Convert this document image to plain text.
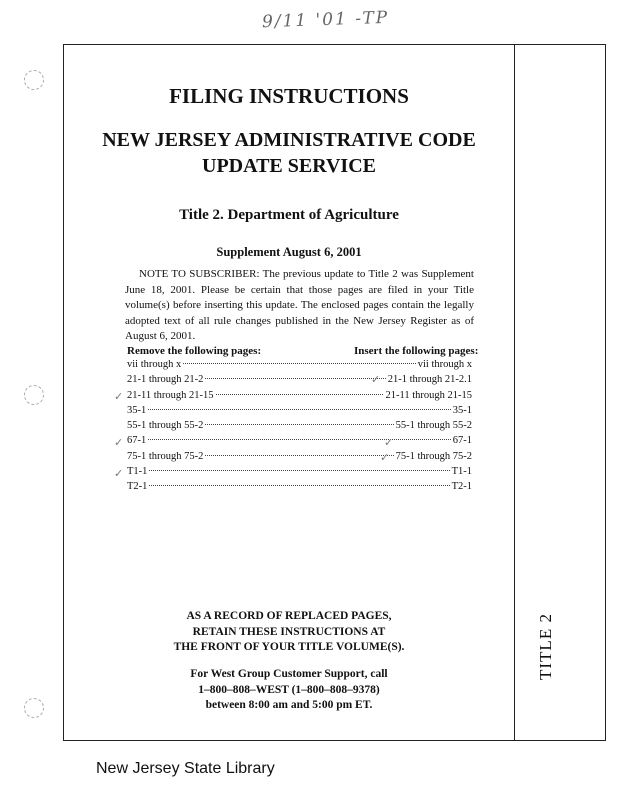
9/11 '01 -TP
TITLE 2
FILING INSTRUCTIONS
NEW JERSEY ADMINISTRATIVE CODE
UPDATE SERVICE
Title 2. Department of Agriculture
Supplement August 6, 2001
NOTE TO SUBSCRIBER: The previous update to Title 2 was Supplement June 18, 2001. Please be certain that those pages are filed in your Title volume(s) before inserting this update. The enclosed pages contain the legally adopted text of all rule changes published in the New Jersey Register as of August 6, 2001.
Remove the following pages:	Insert the following pages:
vii through x	vii through x
21-1 through 21-2	21-1 through 21-2.1
21-11 through 21-15	21-11 through 21-15
35-1	35-1
55-1 through 55-2	55-1 through 55-2
67-1	67-1
75-1 through 75-2	75-1 through 75-2
T1-1	T1-1
T2-1	T2-1
✓
✓
✓
✓
✓
✓
AS A RECORD OF REPLACED PAGES,
RETAIN THESE INSTRUCTIONS AT
THE FRONT OF YOUR TITLE VOLUME(S).
For West Group Customer Support, call
1–800–808–WEST (1–800–808–9378)
between 8:00 am and 5:00 pm ET.
New Jersey State Library
